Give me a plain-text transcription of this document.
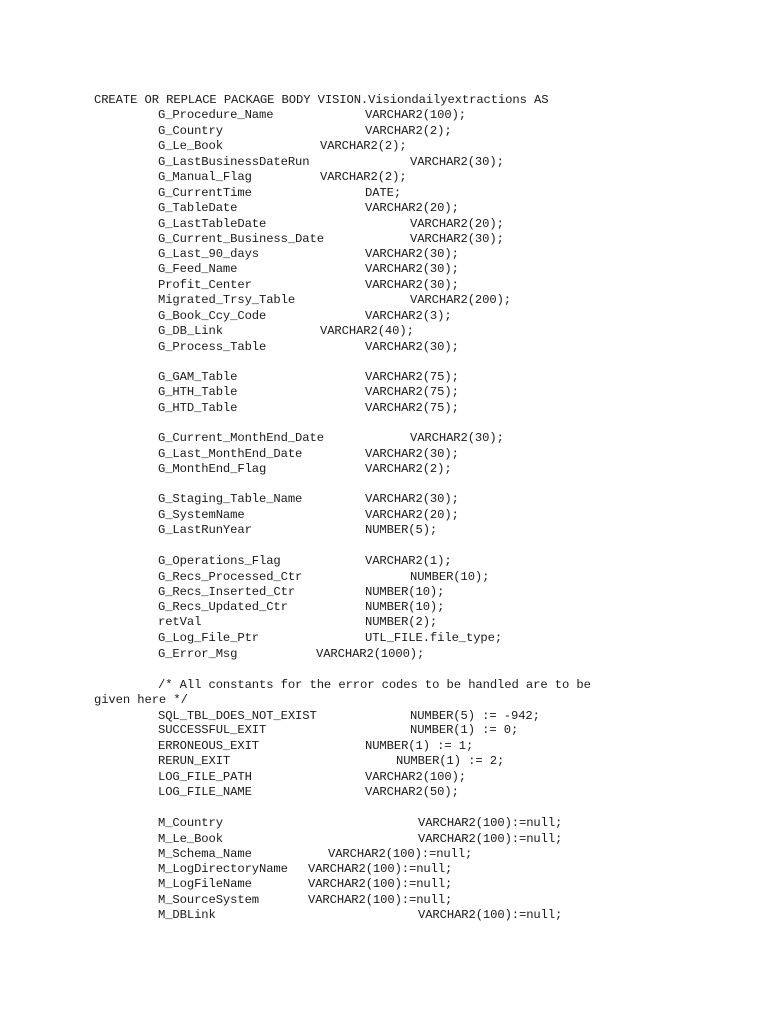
CREATE OR REPLACE PACKAGE BODY VISION.Visiondailyextractions AS
G_Procedure_Name	VARCHAR2(100);
G_Country	VARCHAR2(2);
G_Le_Book	VARCHAR2(2);
G_LastBusinessDateRun	VARCHAR2(30);
G_Manual_Flag	VARCHAR2(2);
G_CurrentTime	DATE;
G_TableDate	VARCHAR2(20);
G_LastTableDate	VARCHAR2(20);
G_Current_Business_Date	VARCHAR2(30);
G_Last_90_days	VARCHAR2(30);
G_Feed_Name	VARCHAR2(30);
Profit_Center	VARCHAR2(30);
Migrated_Trsy_Table	VARCHAR2(200);
G_Book_Ccy_Code	VARCHAR2(3);
G_DB_Link	VARCHAR2(40);
G_Process_Table	VARCHAR2(30);
G_GAM_Table	VARCHAR2(75);
G_HTH_Table	VARCHAR2(75);
G_HTD_Table	VARCHAR2(75);
G_Current_MonthEnd_Date	VARCHAR2(30);
G_Last_MonthEnd_Date	VARCHAR2(30);
G_MonthEnd_Flag	VARCHAR2(2);
G_Staging_Table_Name	VARCHAR2(30);
G_SystemName	VARCHAR2(20);
G_LastRunYear	NUMBER(5);
G_Operations_Flag	VARCHAR2(1);
G_Recs_Processed_Ctr	NUMBER(10);
G_Recs_Inserted_Ctr	NUMBER(10);
G_Recs_Updated_Ctr	NUMBER(10);
retVal	NUMBER(2);
G_Log_File_Ptr	UTL_FILE.file_type;
G_Error_Msg	VARCHAR2(1000);
/* All constants for the error codes to be handled are to be
given here */
SQL_TBL_DOES_NOT_EXIST	NUMBER(5) := -942;
SUCCESSFUL_EXIT	NUMBER(1) := 0;
ERRONEOUS_EXIT	NUMBER(1) := 1;
RERUN_EXIT	NUMBER(1) := 2;
LOG_FILE_PATH	VARCHAR2(100);
LOG_FILE_NAME	VARCHAR2(50);
M_Country	VARCHAR2(100):=null;
M_Le_Book	VARCHAR2(100):=null;
M_Schema_Name	VARCHAR2(100):=null;
M_LogDirectoryName VARCHAR2(100):=null;
M_LogFileName	VARCHAR2(100):=null;
M_SourceSystem	VARCHAR2(100):=null;
M_DBLink	VARCHAR2(100):=null;
